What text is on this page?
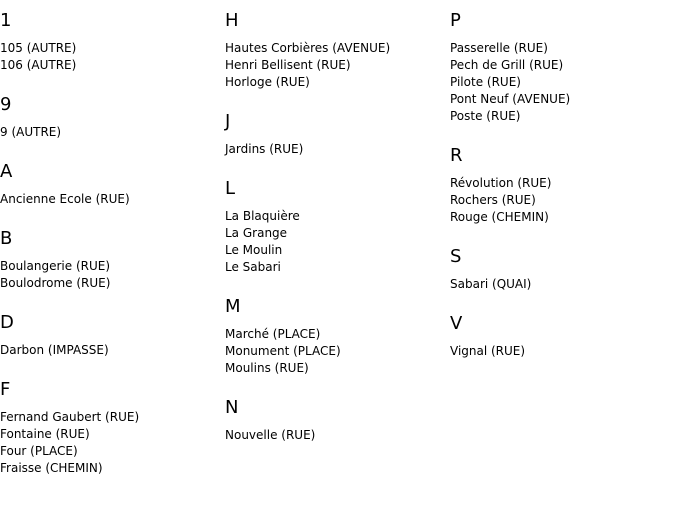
1
105 (AUTRE)
106 (AUTRE)
9
9 (AUTRE)
A
Ancienne Ecole (RUE)
B
Boulangerie (RUE)
Boulodrome (RUE)
D
Darbon (IMPASSE)
F
Fernand Gaubert (RUE)
Fontaine (RUE)
Four (PLACE)
Fraisse (CHEMIN)
H
Hautes Corbières (AVENUE)
Henri Bellisent (RUE)
Horloge (RUE)
J
Jardins (RUE)
L
La Blaquière
La Grange
Le Moulin
Le Sabari
M
Marché (PLACE)
Monument (PLACE)
Moulins (RUE)
N
Nouvelle (RUE)
P
Passerelle (RUE)
Pech de Grill (RUE)
Pilote (RUE)
Pont Neuf (AVENUE)
Poste (RUE)
R
Révolution (RUE)
Rochers (RUE)
Rouge (CHEMIN)
S
Sabari (QUAI)
V
Vignal (RUE)
